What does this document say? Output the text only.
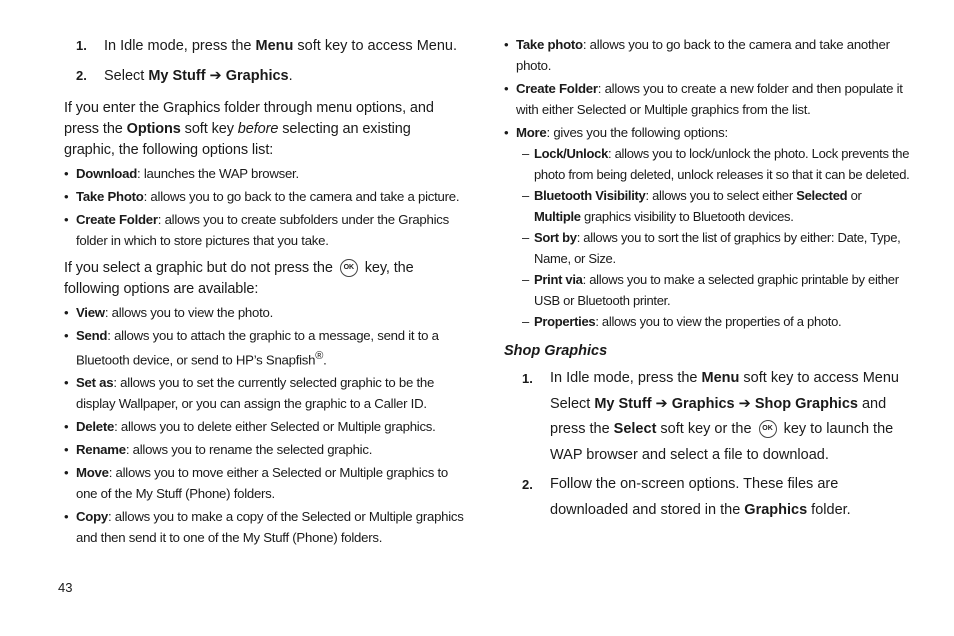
1. In Idle mode, press the Menu soft key to access Menu.

2. Select My Stuff ➔ Graphics.

If you enter the Graphics folder through menu options, and press the Options soft key before selecting an existing graphic, the following options list:

• Download: launches the WAP browser.

• Take Photo: allows you to go back to the camera and take a picture.

• Create Folder: allows you to create subfolders under the Graphics folder in which to store pictures that you take.

If you select a graphic but do not press the OK key, the following options are available:

• View: allows you to view the photo.

• Send: allows you to attach the graphic to a message, send it to a Bluetooth device, or send to HP’s Snapfish®.

• Set as: allows you to set the currently selected graphic to be the display Wallpaper, or you can assign the graphic to a Caller ID.

• Delete: allows you to delete either Selected or Multiple graphics.

• Rename: allows you to rename the selected graphic.

• Move: allows you to move either a Selected or Multiple graphics to one of the My Stuff (Phone) folders.

• Copy: allows you to make a copy of the Selected or Multiple graphics and then send it to one of the My Stuff (Phone) folders.

• Take photo: allows you to go back to the camera and take another photo.

• Create Folder: allows you to create a new folder and then populate it with either Selected or Multiple graphics from the list.

• More: gives you the following options:

– Lock/Unlock: allows you to lock/unlock the photo. Lock prevents the photo from being deleted, unlock releases it so that it can be deleted.

– Bluetooth Visibility: allows you to select either Selected or Multiple graphics visibility to Bluetooth devices.

– Sort by: allows you to sort the list of graphics by either: Date, Type, Name, or Size.

– Print via: allows you to make a selected graphic printable by either USB or Bluetooth printer.

– Properties: allows you to view the properties of a photo.

Shop Graphics

1. In Idle mode, press the Menu soft key to access Menu Select My Stuff ➔ Graphics ➔ Shop Graphics and press the Select soft key or the OK key to launch the WAP browser and select a file to download.

2. Follow the on-screen options. These files are downloaded and stored in the Graphics folder.

43
